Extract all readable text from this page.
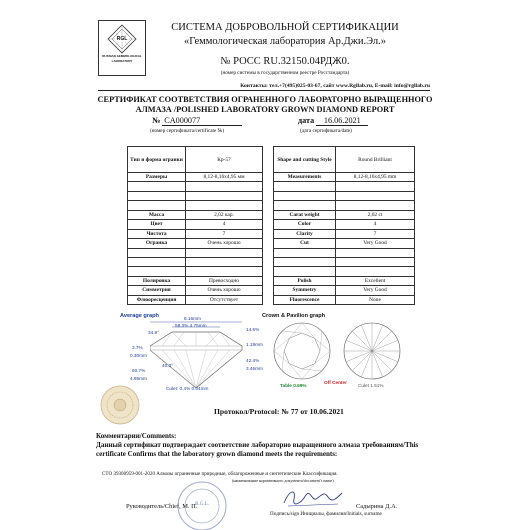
RGL
RUSSIAN GEMMOLOGICAL
LABORATORY
СИСТЕМА ДОБРОВОЛЬНОЙ СЕРТИФИКАЦИИ
«Геммологическая лаборатория Ар.Джи.Эл.»
№ РОСС RU.32150.04РДЖ0.
(номер системы в государственном реестре Росстандарта)
Контакты: тел.+7(495)025-03-67, сайт www.Rgllab.ru, E-mail: info@rgllab.ru
СЕРТИФИКАТ СООТВЕТСТВИЯ ОГРАНЕННОГО ЛАБОРАТОРНО ВЫРАЩЕННОГО
АЛМАЗА /POLISHED LABORATORY GROWN DIAMOND REPORT
№ CA000077	дата 16.06.2021
(номер сертификата/certificate №)	(дата сертификата/date)
Тип и форма огранки	Кр-57
Размеры	8,12-8,16х4,95 мм

Масса	2,02 кар.
Цвет	4
Чистота	7
Огранка	Очень хорошо

Полировка	Превосходно
Симметрия	Очень хорошо
Флюоресценция	Отсутствует
Shape and cutting Style	Round Brilliant
Measurements	8,12-8,16х4,95 mm

Carat weight	2,02 ct
Color	4
Clarity	7
Cut	Very Good

Polish	Excellent
Symmetry	Very Good
Fluorescence	None
Average graph	8.16mm
58.3% 4.75mm
34.9°
14.6%
1.19mm
3.7%
0.30mm
40.3°
60.7%
4.95mm
42.4%
3.46mm
Culet: 0.4% 0.04mm
Crown & Pavilion graph
Table 0.69%
Off Center
Culet 1.51%
Протокол/Protocol: № 77 от 10.06.2021
Комментарии/Comments:
Данный сертификат подтверждает соответствие лабораторно выращенного алмаза требованиям/This certificate Confirms that the laboratory grown diamond meets the requirements:
СТО 39300959-001-2020 Алмазы ограненные природные, облагороженные и синтетические Классификация.
(наименование нормативного документа/document's name)
R.G.L.
Руководитель/Chief, М. П.	Садырина Д.А.
Подпись/sign Инициалы, фамилия/Initials, surname
